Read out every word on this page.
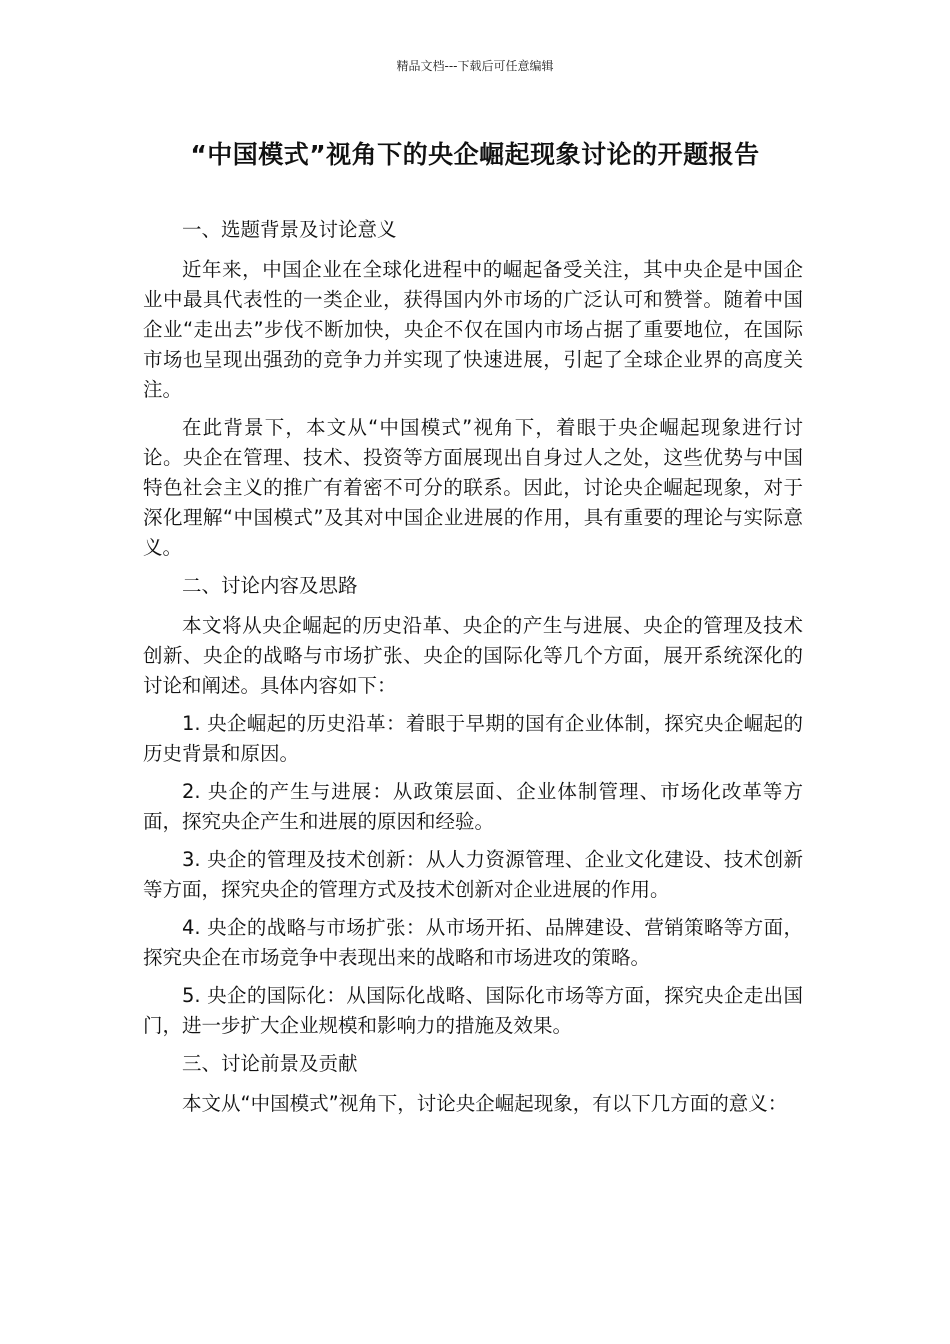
精品文档---下载后可任意编辑
“中国模式”视角下的央企崛起现象讨论的开题报告
一、选题背景及讨论意义

近年来，中国企业在全球化进程中的崛起备受关注，其中央企是中国企业中最具代表性的一类企业，获得国内外市场的广泛认可和赞誉。随着中国企业“走出去”步伐不断加快，央企不仅在国内市场占据了重要地位，在国际市场也呈现出强劲的竞争力并实现了快速进展，引起了全球企业界的高度关注。

在此背景下，本文从“中国模式”视角下，着眼于央企崛起现象进行讨论。央企在管理、技术、投资等方面展现出自身过人之处，这些优势与中国特色社会主义的推广有着密不可分的联系。因此，讨论央企崛起现象，对于深化理解“中国模式”及其对中国企业进展的作用，具有重要的理论与实际意义。

二、讨论内容及思路

本文将从央企崛起的历史沿革、央企的产生与进展、央企的管理及技术创新、央企的战略与市场扩张、央企的国际化等几个方面，展开系统深化的讨论和阐述。具体内容如下：

1. 央企崛起的历史沿革：着眼于早期的国有企业体制，探究央企崛起的历史背景和原因。

2. 央企的产生与进展：从政策层面、企业体制管理、市场化改革等方面，探究央企产生和进展的原因和经验。

3. 央企的管理及技术创新：从人力资源管理、企业文化建设、技术创新等方面，探究央企的管理方式及技术创新对企业进展的作用。

4. 央企的战略与市场扩张：从市场开拓、品牌建设、营销策略等方面，探究央企在市场竞争中表现出来的战略和市场进攻的策略。

5. 央企的国际化：从国际化战略、国际化市场等方面，探究央企走出国门，进一步扩大企业规模和影响力的措施及效果。

三、讨论前景及贡献

本文从“中国模式”视角下，讨论央企崛起现象，有以下几方面的意义：
